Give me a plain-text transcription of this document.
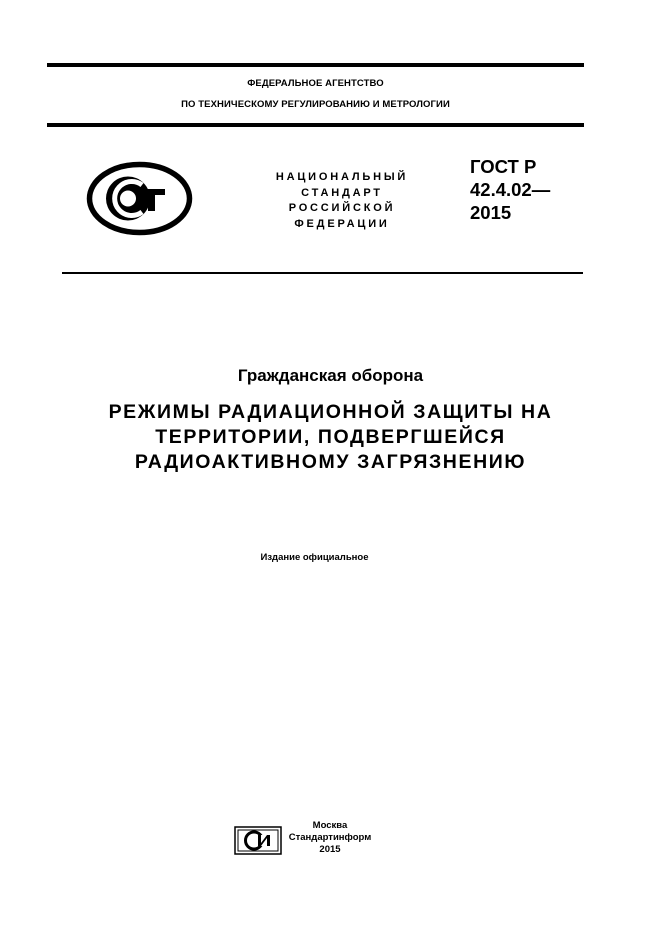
ФЕДЕРАЛЬНОЕ АГЕНТСТВО
ПО ТЕХНИЧЕСКОМУ РЕГУЛИРОВАНИЮ И МЕТРОЛОГИИ
НАЦИОНАЛЬНЫЙ
СТАНДАРТ
РОССИЙСКОЙ
ФЕДЕРАЦИИ
ГОСТ Р
42.4.02—
2015
Гражданская оборона
РЕЖИМЫ РАДИАЦИОННОЙ ЗАЩИТЫ НА
ТЕРРИТОРИИ, ПОДВЕРГШЕЙСЯ
РАДИОАКТИВНОМУ ЗАГРЯЗНЕНИЮ
Издание официальное
Москва
Стандартинформ
2015
